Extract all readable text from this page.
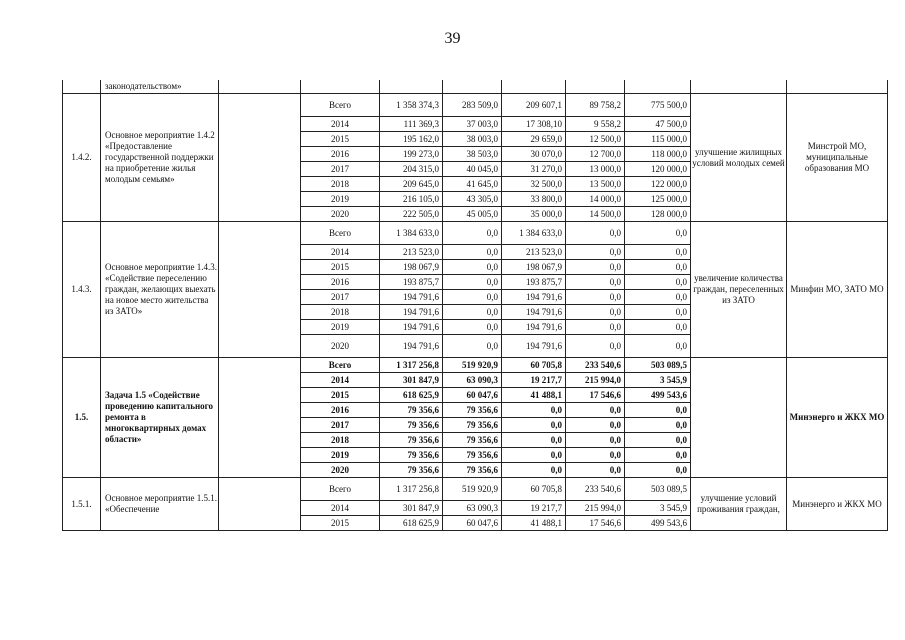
39
	законодательством»									
1.4.2.	Основное мероприятие 1.4.2 «Предоставление государственной поддержки на приобретение жилья молодым семьям»		Всего	1 358 374,3	283 509,0	209 607,1	89 758,2	775 500,0	улучшение жилищных условий молодых семей	Минстрой МО, муниципальные образования МО
			2014	111 369,3	37 003,0	17 308,10	9 558,2	47 500,0		
			2015	195 162,0	38 003,0	29 659,0	12 500,0	115 000,0		
			2016	199 273,0	38 503,0	30 070,0	12 700,0	118 000,0		
			2017	204 315,0	40 045,0	31 270,0	13 000,0	120 000,0		
			2018	209 645,0	41 645,0	32 500,0	13 500,0	122 000,0		
			2019	216 105,0	43 305,0	33 800,0	14 000,0	125 000,0		
			2020	222 505,0	45 005,0	35 000,0	14 500,0	128 000,0		
1.4.3.	Основное мероприятие 1.4.3. «Содействие переселению граждан, желающих выехать на новое место жительства из ЗАТО»		Всего	1 384 633,0	0,0	1 384 633,0	0,0	0,0	увеличение количества граждан, переселенных из ЗАТО	Минфин МО, ЗАТО МО
			2014	213 523,0	0,0	213 523,0	0,0	0,0		
			2015	198 067,9	0,0	198 067,9	0,0	0,0		
			2016	193 875,7	0,0	193 875,7	0,0	0,0		
			2017	194 791,6	0,0	194 791,6	0,0	0,0		
			2018	194 791,6	0,0	194 791,6	0,0	0,0		
			2019	194 791,6	0,0	194 791,6	0,0	0,0		
			2020	194 791,6	0,0	194 791,6	0,0	0,0		
1.5.	Задача 1.5 «Содействие проведению капитального ремонта в многоквартирных домах области»		Всего	1 317 256,8	519 920,9	60 705,8	233 540,6	503 089,5		Минэнерго и ЖКХ МО
			2014	301 847,9	63 090,3	19 217,7	215 994,0	3 545,9		
			2015	618 625,9	60 047,6	41 488,1	17 546,6	499 543,6		
			2016	79 356,6	79 356,6	0,0	0,0	0,0		
			2017	79 356,6	79 356,6	0,0	0,0	0,0		
			2018	79 356,6	79 356,6	0,0	0,0	0,0		
			2019	79 356,6	79 356,6	0,0	0,0	0,0		
			2020	79 356,6	79 356,6	0,0	0,0	0,0		
1.5.1.	Основное мероприятие 1.5.1. «Обеспечение		Всего	1 317 256,8	519 920,9	60 705,8	233 540,6	503 089,5	улучшение условий проживания граждан,	Минэнерго и ЖКХ МО
			2014	301 847,9	63 090,3	19 217,7	215 994,0	3 545,9		
			2015	618 625,9	60 047,6	41 488,1	17 546,6	499 543,6		
